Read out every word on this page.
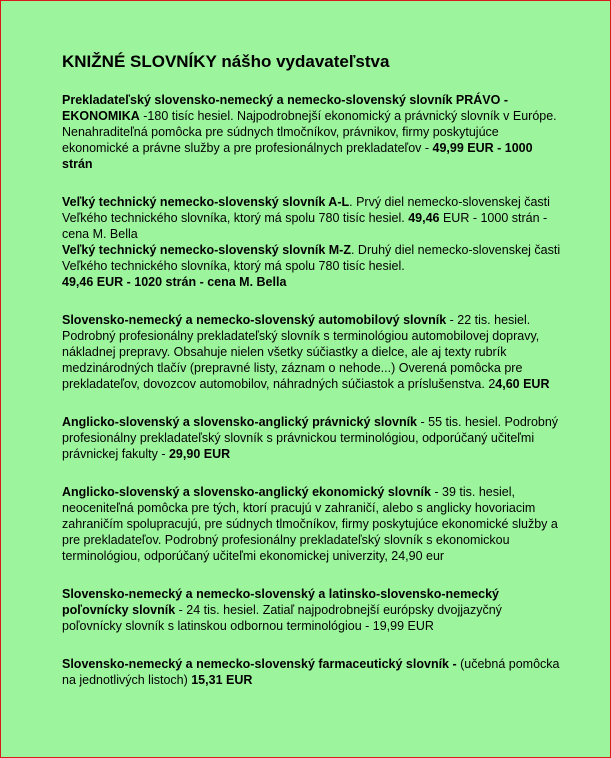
KNIŽNÉ SLOVNÍKY nášho vydavateľstva
Prekladateľský slovensko-nemecký a nemecko-slovenský slovník PRÁVO - EKONOMIKA -180 tisíc hesiel. Najpodrobnejší ekonomický a právnický slovník v Európe. Nenahraditeľná pomôcka pre súdnych tlmočníkov, právnikov, firmy poskytujúce ekonomické a právne služby a pre profesionálnych prekladateľov - 49,99 EUR - 1000 strán
Veľký technický nemecko-slovenský slovník A-L. Prvý diel nemecko-slovenskej časti Veľkého technického slovníka, ktorý má spolu 780 tisíc hesiel. 49,46 EUR - 1000 strán - cena M. Bella
Veľký technický nemecko-slovenský slovník M-Z. Druhý diel nemecko-slovenskej časti Veľkého technického slovníka, ktorý má spolu 780 tisíc hesiel.
49,46 EUR - 1020 strán - cena M. Bella
Slovensko-nemecký a nemecko-slovenský automobilový slovník - 22 tis. hesiel. Podrobný profesionálny prekladateľský slovník s terminológiou automobilovej dopravy, nákladnej prepravy. Obsahuje nielen všetky súčiastky a dielce, ale aj texty rubrík medzinárodných tlačív (prepravné listy, záznam o nehode...) Overená pomôcka pre prekladateľov, dovozcov automobilov, náhradných súčiastok a príslušenstva. 24,60 EUR
Anglicko-slovenský a slovensko-anglický právnický slovník - 55 tis. hesiel. Podrobný profesionálny prekladateľský slovník s právnickou terminológiou, odporúčaný učiteľmi právnickej fakulty - 29,90 EUR
Anglicko-slovenský a slovensko-anglický ekonomický slovník - 39 tis. hesiel, neoceniteľná pomôcka pre tých, ktorí pracujú v zahraničí, alebo s anglicky hovoriacim zahraničím spolupracujú, pre súdnych tlmočníkov, firmy poskytujúce ekonomické služby a pre prekladateľov. Podrobný profesionálny prekladateľský slovník s ekonomickou terminológiou, odporúčaný učiteľmi ekonomickej univerzity, 24,90 eur
Slovensko-nemecký a nemecko-slovenský a latinsko-slovensko-nemecký poľovnícky slovník - 24 tis. hesiel. Zatiaľ najpodrobnejší európsky dvojjazyčný poľovnícky slovník s latinskou odbornou terminológiou - 19,99 EUR
Slovensko-nemecký a nemecko-slovenský farmaceutický slovník - (učebná pomôcka na jednotlivých listoch) 15,31 EUR
